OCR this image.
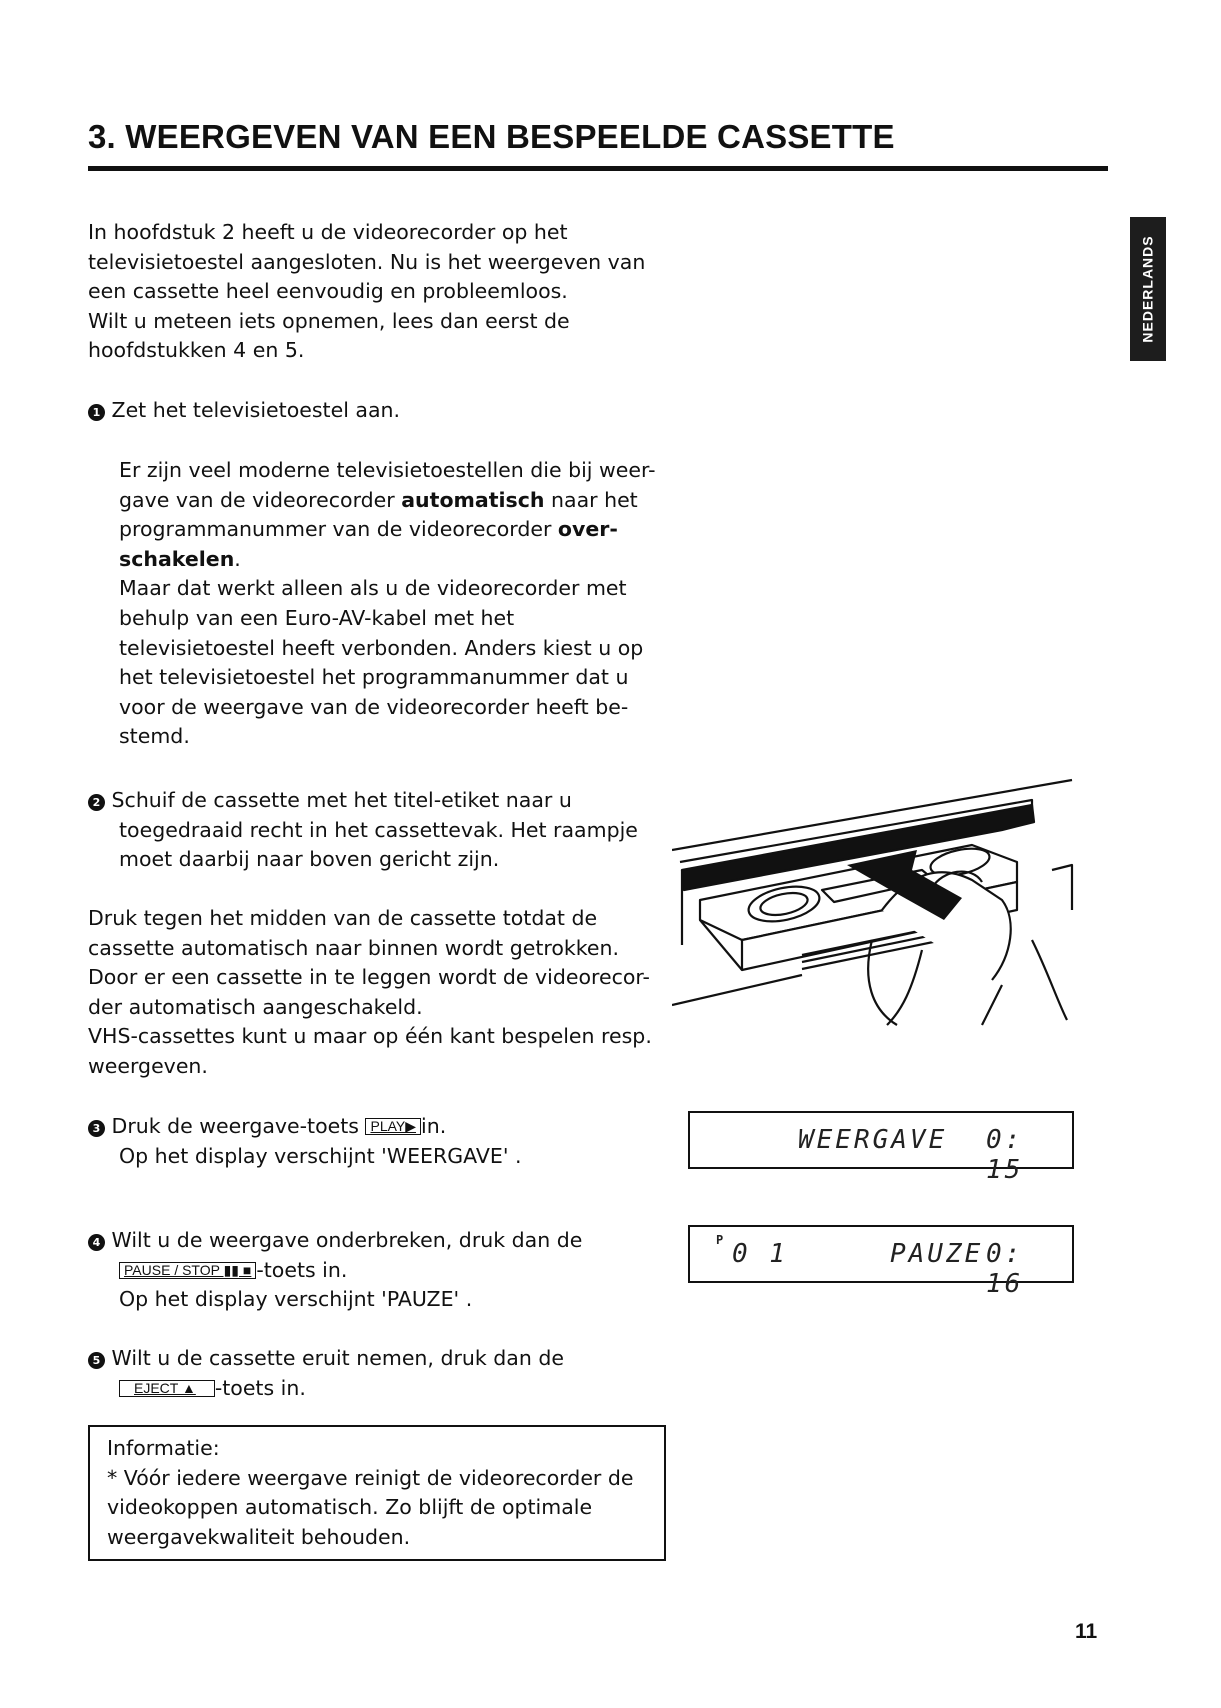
3. WEERGEVEN VAN EEN BESPEELDE CASSETTE
NEDERLANDS
In hoofdstuk 2 heeft u de videorecorder op het
televisietoestel aangesloten. Nu is het weergeven van
een cassette heel eenvoudig en probleemloos.
Wilt u meteen iets opnemen, lees dan eerst de
hoofdstukken 4 en 5.
1 Zet het televisietoestel aan.
Er zijn veel moderne televisietoestellen die bij weer-
gave van de videorecorder automatisch naar het
programmanummer van de videorecorder over-
schakelen.
Maar dat werkt alleen als u de videorecorder met
behulp van een Euro-AV-kabel met het
televisietoestel heeft verbonden. Anders kiest u op
het televisietoestel het programmanummer dat u
voor de weergave van de videorecorder heeft be-
stemd.
2 Schuif de cassette met het titel-etiket naar u
toegedraaid recht in het cassettevak. Het raampje
moet daarbij naar boven gericht zijn.
Druk tegen het midden van de cassette totdat de
cassette automatisch naar binnen wordt getrokken.
Door er een cassette in te leggen wordt de videorecor-
der automatisch aangeschakeld.
VHS-cassettes kunt u maar op één kant bespelen resp.
weergeven.
3 Druk de weergave-toets PLAY▶ in.
Op het display verschijnt 'WEERGAVE' .
WEERGAVE 0: 15
4 Wilt u de weergave onderbreken, druk dan de
PAUSE / STOP ▮▮ ■ -toets in.
Op het display verschijnt 'PAUZE' .
P 0 1	PAUZE 0: 16
5 Wilt u de cassette eruit nemen, druk dan de
EJECT ▲ -toets in.
Informatie:
* Vóór iedere weergave reinigt de videorecorder de
videokoppen automatisch. Zo blijft de optimale
weergavekwaliteit behouden.
11
